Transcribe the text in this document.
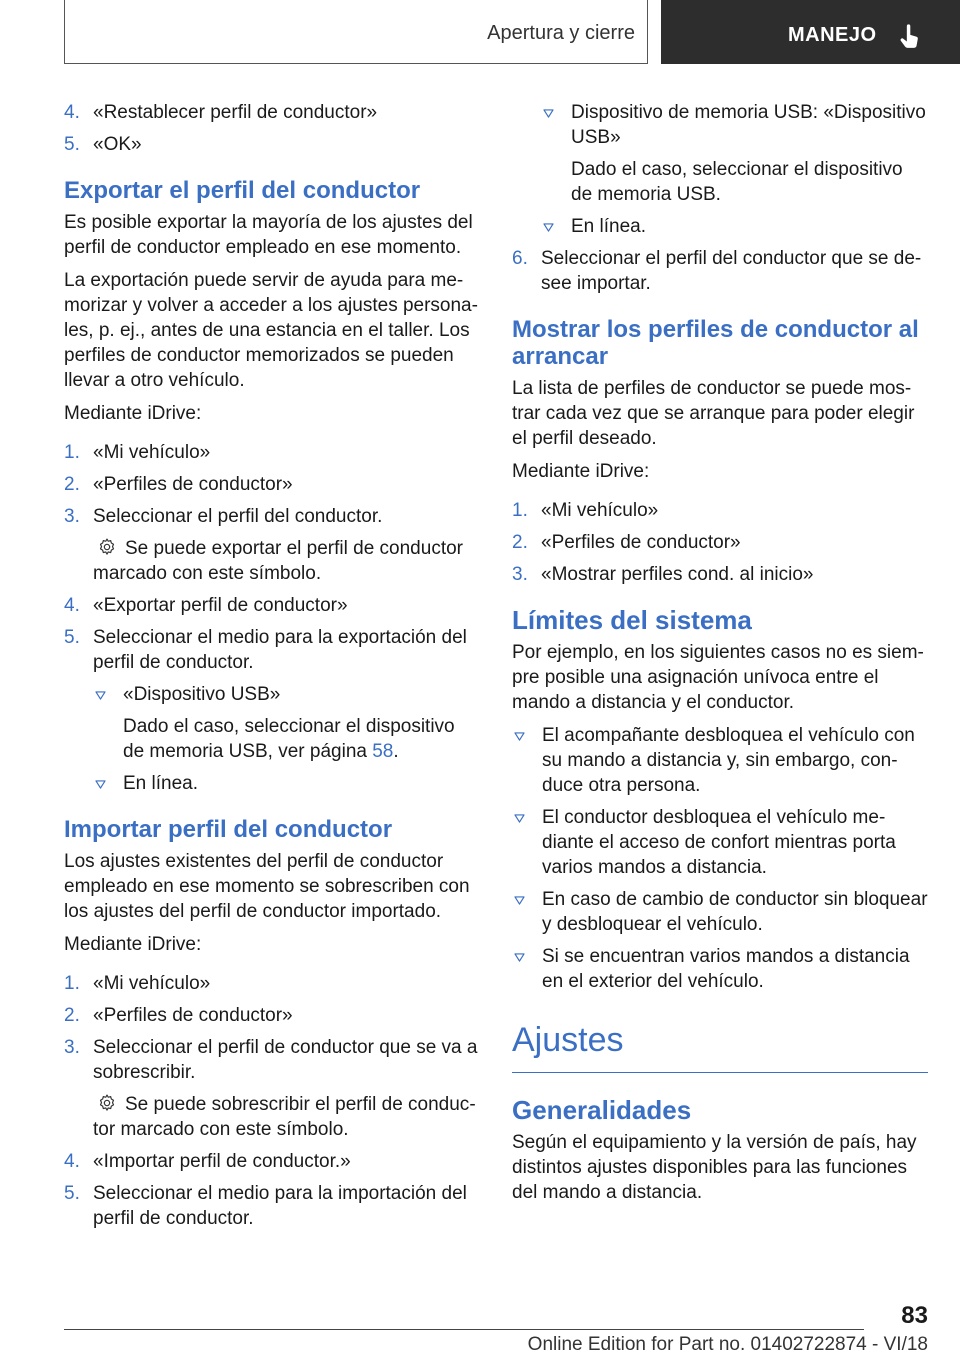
Apertura y cierre	MANEJO
4. «Restablecer perfil de conductor»
5. «OK»
Exportar el perfil del conductor

Es posible exportar la mayoría de los ajustes del perfil de conductor empleado en ese momento.

La exportación puede servir de ayuda para memorizar y volver a acceder a los ajustes personales, p. ej., antes de una estancia en el taller. Los perfiles de conductor memorizados se pueden llevar a otro vehículo.

Mediante iDrive:

1. «Mi vehículo»
2. «Perfiles de conductor»
3. Seleccionar el perfil del conductor.
Se puede exportar el perfil de conductor marcado con este símbolo.
4. «Exportar perfil de conductor»
5. Seleccionar el medio para la exportación del perfil de conductor.
«Dispositivo USB»
Dado el caso, seleccionar el dispositivo de memoria USB, ver página 58.
En línea.
Importar perfil del conductor

Los ajustes existentes del perfil de conductor empleado en ese momento se sobrescriben con los ajustes del perfil de conductor importado.

Mediante iDrive:

1. «Mi vehículo»
2. «Perfiles de conductor»
3. Seleccionar el perfil de conductor que se va a sobrescribir.
Se puede sobrescribir el perfil de conductor marcado con este símbolo.
4. «Importar perfil de conductor.»
5. Seleccionar el medio para la importación del perfil de conductor.
Dispositivo de memoria USB: «Dispositivo USB»
Dado el caso, seleccionar el dispositivo de memoria USB.
En línea.
6. Seleccionar el perfil del conductor que se desee importar.
Mostrar los perfiles de conductor al arrancar

La lista de perfiles de conductor se puede mostrar cada vez que se arranque para poder elegir el perfil deseado.

Mediante iDrive:

1. «Mi vehículo»
2. «Perfiles de conductor»
3. «Mostrar perfiles cond. al inicio»
Límites del sistema

Por ejemplo, en los siguientes casos no es siempre posible una asignación unívoca entre el mando a distancia y el conductor.

El acompañante desbloquea el vehículo con su mando a distancia y, sin embargo, conduce otra persona.
El conductor desbloquea el vehículo mediante el acceso de confort mientras porta varios mandos a distancia.
En caso de cambio de conductor sin bloquear y desbloquear el vehículo.
Si se encuentran varios mandos a distancia en el exterior del vehículo.
Ajustes
Generalidades

Según el equipamiento y la versión de país, hay distintos ajustes disponibles para las funciones del mando a distancia.

83
Online Edition for Part no. 01402722874 - VI/18
